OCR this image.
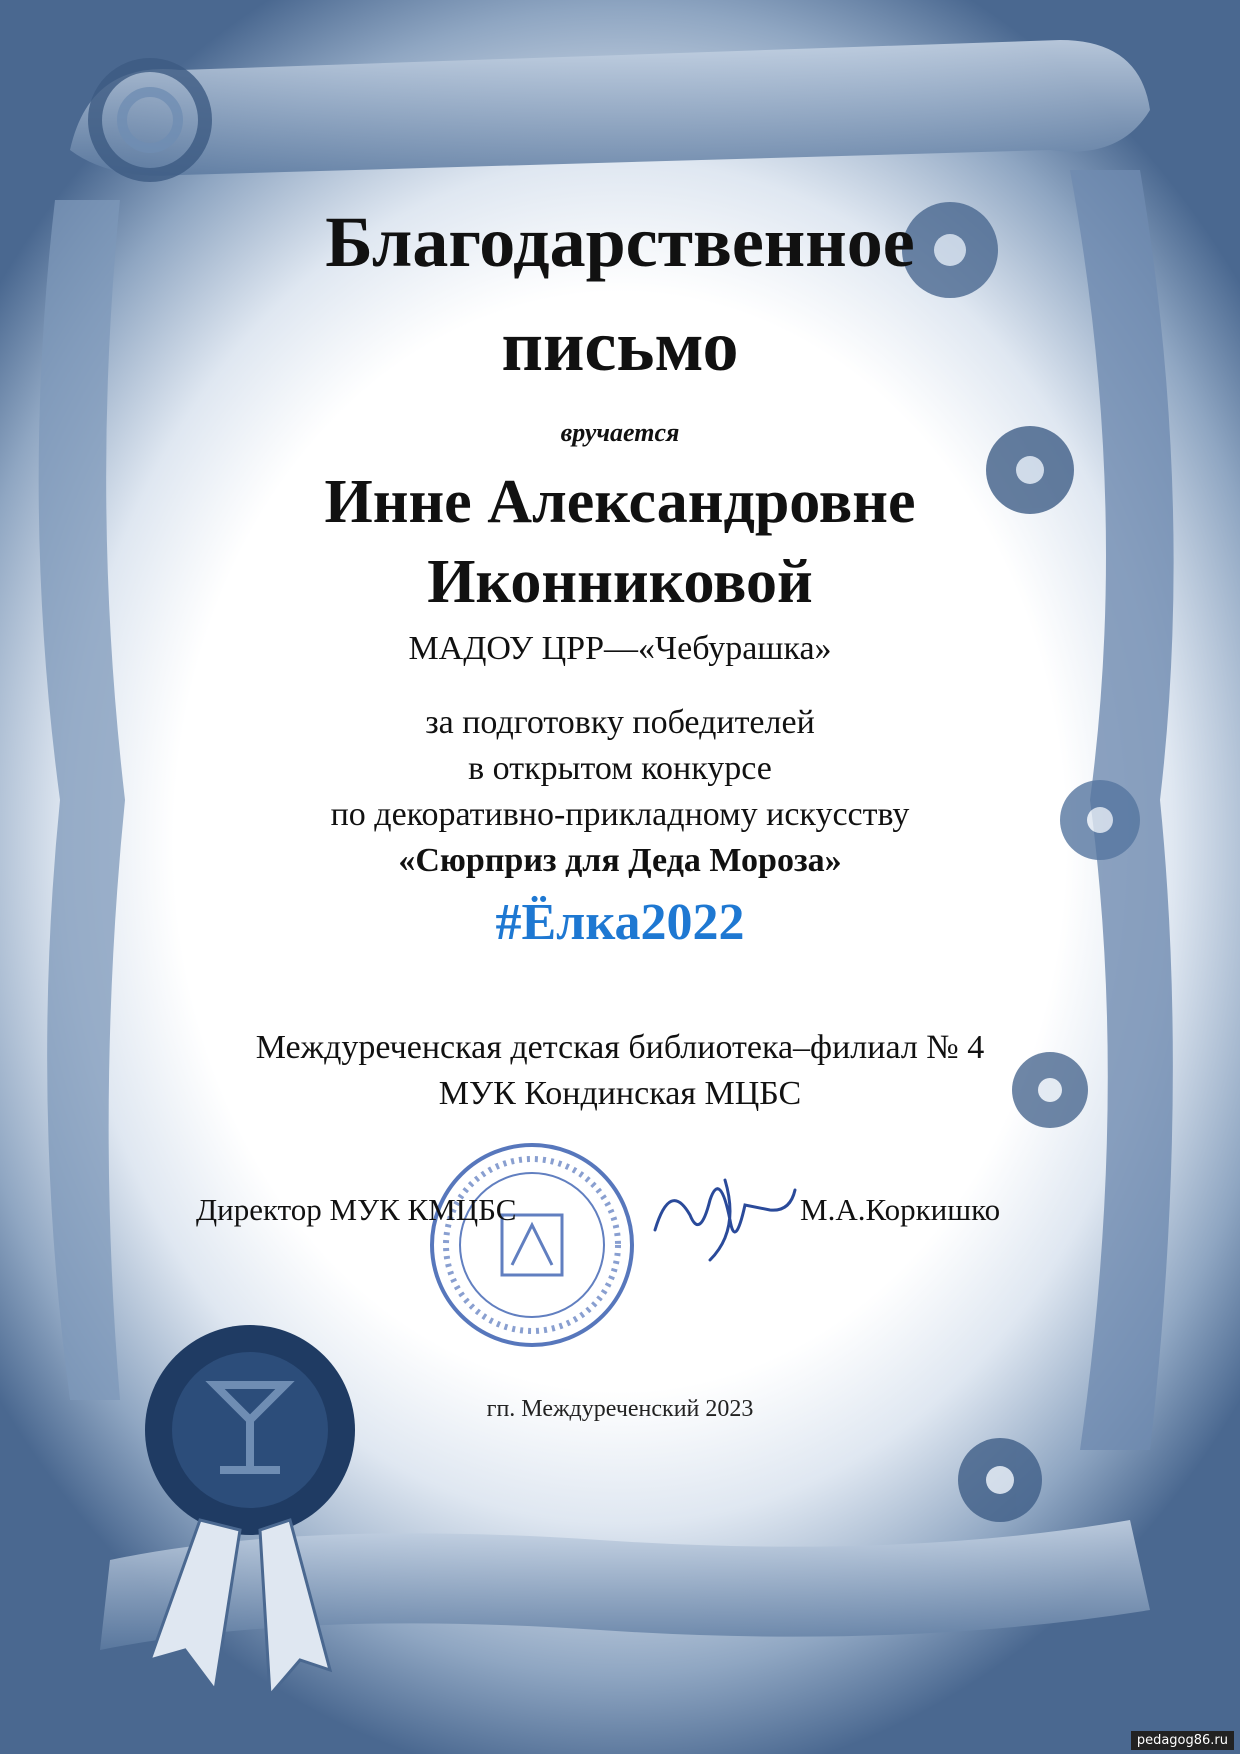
Благодарственное
письмо
вручается
Инне Александровне
Иконниковой
МАДОУ ЦРР—«Чебурашка»
за подготовку победителей
в открытом конкурсе
по декоративно-прикладному искусству
«Сюрприз для Деда Мороза»
#Ёлка2022
Междуреченская детская библиотека–филиал № 4
МУК Кондинская МЦБС
Директор МУК КМЦБС	М.А.Коркишко
гп. Междуреченский 2023
pedagog86.ru
